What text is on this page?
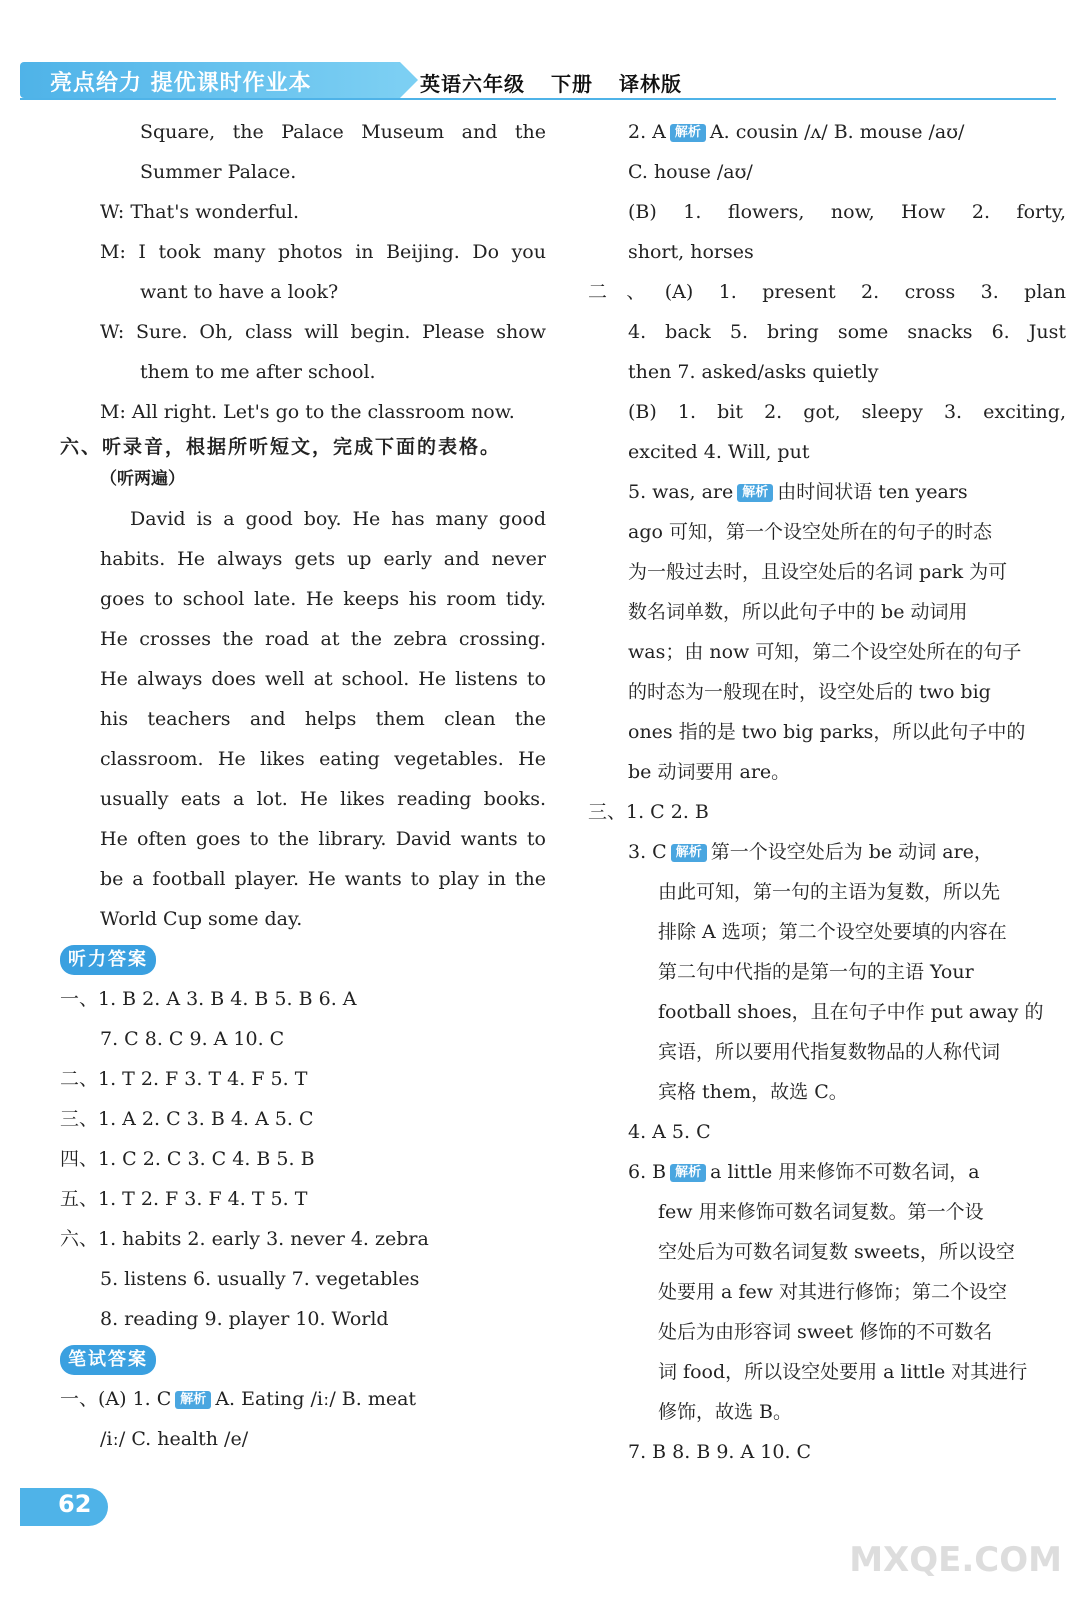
亮点给力 提优课时作业本	英语六年级 下册 译林版
Square, the Palace Museum and the
Summer Palace.
W: That's wonderful.
M: I took many photos in Beijing. Do you
want to have a look?
W: Sure. Oh, class will begin. Please show
them to me after school.
M: All right. Let's go to the classroom now.
六、听录音，根据所听短文，完成下面的表格。
（听两遍）
David is a good boy. He has many good
habits. He always gets up early and never
goes to school late. He keeps his room tidy.
He crosses the road at the zebra crossing.
He always does well at school. He listens to
his teachers and helps them clean the
classroom. He likes eating vegetables. He
usually eats a lot. He likes reading books.
He often goes to the library. David wants to
be a football player. He wants to play in the
World Cup some day.
听力答案
一、1. B 2. A 3. B 4. B 5. B 6. A
7. C 8. C 9. A 10. C
二、1. T 2. F 3. T 4. F 5. T
三、1. A 2. C 3. B 4. A 5. C
四、1. C 2. C 3. C 4. B 5. B
五、1. T 2. F 3. F 4. T 5. T
六、1. habits 2. early 3. never 4. zebra
5. listens 6. usually 7. vegetables
8. reading 9. player 10. World
笔试答案
一、(A) 1. C 解析 A. Eating /iː/ B. meat
/iː/ C. health /e/
2. A 解析 A. cousin /ʌ/ B. mouse /aʊ/
C. house /aʊ/
(B) 1. flowers, now, How 2. forty,
short, horses
二、(A) 1. present 2. cross 3. plan
4. back 5. bring some snacks 6. Just
then 7. asked/asks quietly
(B) 1. bit 2. got, sleepy 3. exciting,
excited 4. Will, put
5. was, are 解析 由时间状语 ten years
ago 可知，第一个设空处所在的句子的时态
为一般过去时，且设空处后的名词 park 为可
数名词单数，所以此句子中的 be 动词用
was；由 now 可知，第二个设空处所在的句子
的时态为一般现在时，设空处后的 two big
ones 指的是 two big parks，所以此句子中的
be 动词要用 are。
三、1. C 2. B
3. C 解析 第一个设空处后为 be 动词 are，
由此可知，第一句的主语为复数，所以先
排除 A 选项；第二个设空处要填的内容在
第二句中代指的是第一句的主语 Your
football shoes，且在句子中作 put away 的
宾语，所以要用代指复数物品的人称代词
宾格 them，故选 C。
4. A 5. C
6. B 解析 a little 用来修饰不可数名词，a
few 用来修饰可数名词复数。第一个设
空处后为可数名词复数 sweets，所以设空
处要用 a few 对其进行修饰；第二个设空
处后为由形容词 sweet 修饰的不可数名
词 food，所以设空处要用 a little 对其进行
修饰，故选 B。
7. B 8. B 9. A 10. C
62
MXQE.COM
